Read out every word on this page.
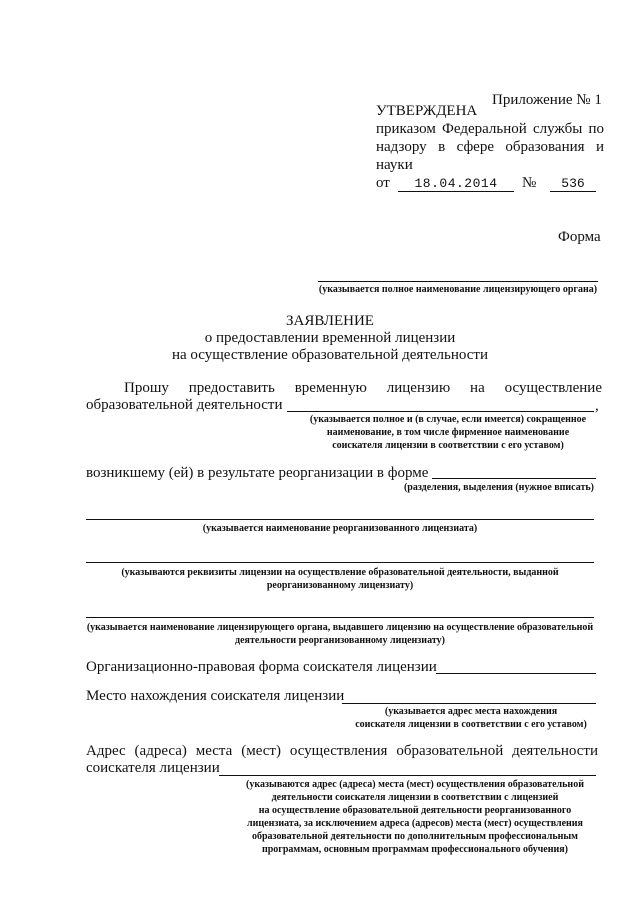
Приложение № 1
УТВЕРЖДЕНА
приказом Федеральной службы по
надзору в сфере образования и
науки
от	18.04.2014	№	536
Форма
(указывается полное наименование лицензирующего органа)
ЗАЯВЛЕНИЕ
о предоставлении временной лицензии
на осуществление образовательной деятельности
Прошу предоставить временную лицензию на осуществление
образовательной деятельности	,
(указывается полное и (в случае, если имеется) сокращенное
наименование, в том числе фирменное наименование
соискателя лицензии в соответствии с его уставом)
возникшему (ей) в результате реорганизации в форме
(разделения, выделения (нужное вписать)
(указывается наименование реорганизованного лицензиата)
(указываются реквизиты лицензии на осуществление образовательной деятельности, выданной
реорганизованному лицензиату)
(указывается наименование лицензирующего органа, выдавшего лицензию на осуществление образовательной
деятельности реорганизованному лицензиату)
Организационно-правовая форма соискателя лицензии
Место нахождения соискателя лицензии
(указывается адрес места нахождения
соискателя лицензии в соответствии с его уставом)
Адрес (адреса) места (мест) осуществления образовательной деятельности
соискателя лицензии
(указываются адрес (адреса) места (мест) осуществления образовательной
деятельности соискателя лицензии в соответствии с лицензией
на осуществление образовательной деятельности реорганизованного
лицензиата, за исключением адреса (адресов) места (мест) осуществления
образовательной деятельности по дополнительным профессиональным
программам, основным программам профессионального обучения)
